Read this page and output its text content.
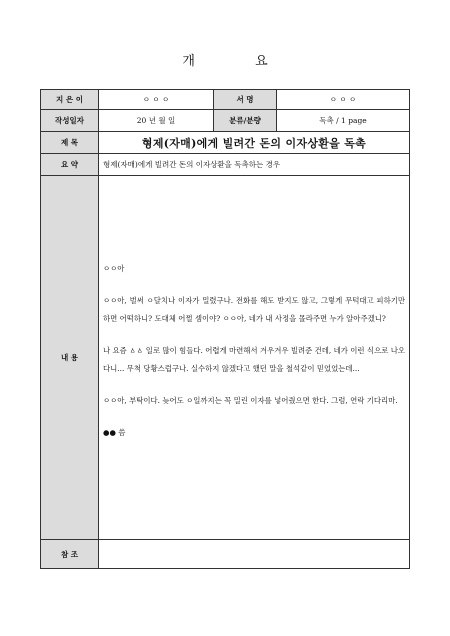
개 요
지 은 이	ㅇ ㅇ ㅇ	서 명	ㅇ ㅇ ㅇ
작성일자	20 년 월 일	분류/분량	독촉 / 1 page
제 목	형제(자매)에게 빌려간 돈의 이자상환을 독촉		
요 약	형제(자매)에게 빌려간 돈의 이자상환을 독촉하는 경우		
내 용	ㅇㅇ아

ㅇㅇ아, 벌써 ㅇ달치나 이자가 밀렸구나. 전화를 해도 받지도 않고, 그렇게 무턱대고 피하기만 하면 어떡하니? 도대체 어쩔 셈이야? ㅇㅇ아, 네가 내 사정을 몰라주면 누가 알아주겠니?

나 요즘 ㅿㅿ 일로 많이 힘들다. 어렵게 마련해서 겨우겨우 빌려준 건데, 네가 이런 식으로 나오다니... 무척 당황스럽구나. 실수하지 않겠다고 했던 말을 철석같이 믿었었는데...

ㅇㅇ아, 부탁이다. 늦어도 ㅇ일까지는 꼭 밀린 이자를 넣어줬으면 한다. 그럼, 연락 기다리마.

●● 씀		

참 조			
